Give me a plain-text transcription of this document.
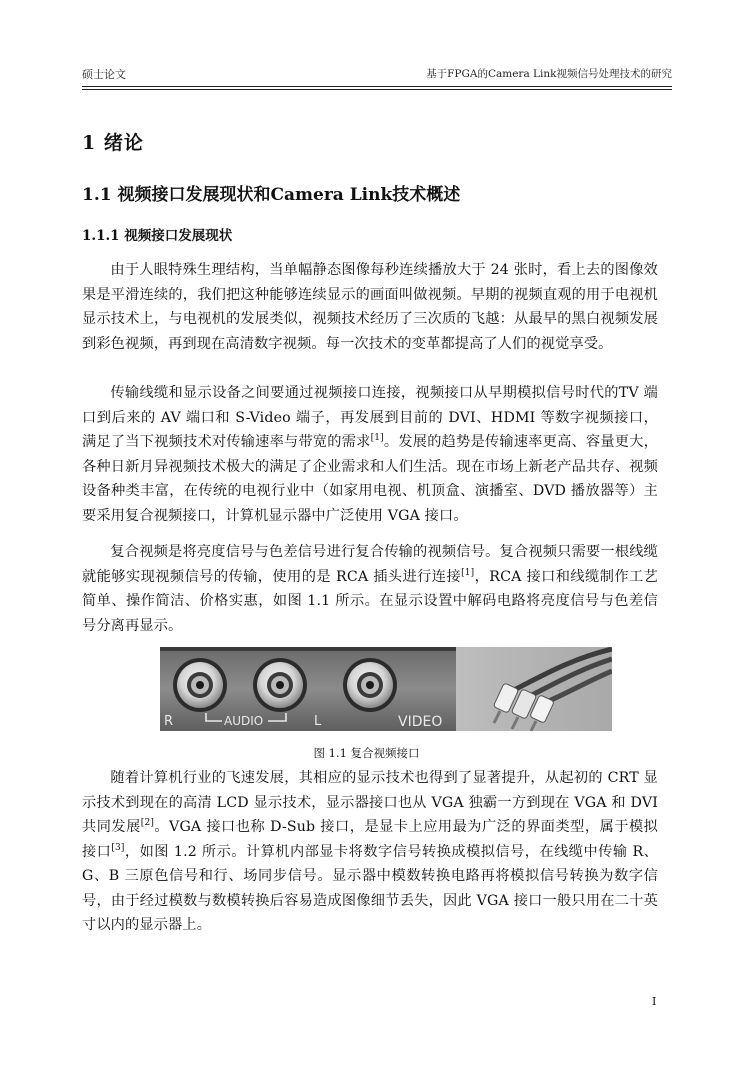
硕士论文	基于FPGA的Camera Link视频信号处理技术的研究
1 绪论
1.1 视频接口发展现状和Camera Link技术概述
1.1.1 视频接口发展现状

由于人眼特殊生理结构，当单幅静态图像每秒连续播放大于 24 张时，看上去的图像效果是平滑连续的，我们把这种能够连续显示的画面叫做视频。早期的视频直观的用于电视机显示技术上，与电视机的发展类似，视频技术经历了三次质的飞越：从最早的黑白视频发展到彩色视频，再到现在高清数字视频。每一次技术的变革都提高了人们的视觉享受。

传输线缆和显示设备之间要通过视频接口连接，视频接口从早期模拟信号时代的TV 端口到后来的 AV 端口和 S-Video 端子，再发展到目前的 DVI、HDMI 等数字视频接口，满足了当下视频技术对传输速率与带宽的需求[1]。发展的趋势是传输速率更高、容量更大，各种日新月异视频技术极大的满足了企业需求和人们生活。现在市场上新老产品共存、视频设备种类丰富，在传统的电视行业中（如家用电视、机顶盒、演播室、DVD 播放器等）主要采用复合视频接口，计算机显示器中广泛使用 VGA 接口。

复合视频是将亮度信号与色差信号进行复合传输的视频信号。复合视频只需要一根线缆就能够实现视频信号的传输，使用的是 RCA 插头进行连接[1]，RCA 接口和线缆制作工艺简单、操作简洁、价格实惠，如图 1.1 所示。在显示设置中解码电路将亮度信号与色差信号分离再显示。

R	AUDIO	L	VIDEO
图 1.1 复合视频接口

随着计算机行业的飞速发展，其相应的显示技术也得到了显著提升，从起初的 CRT 显示技术到现在的高清 LCD 显示技术，显示器接口也从 VGA 独霸一方到现在 VGA 和 DVI 共同发展[2]。VGA 接口也称 D-Sub 接口，是显卡上应用最为广泛的界面类型，属于模拟接口[3]，如图 1.2 所示。计算机内部显卡将数字信号转换成模拟信号，在线缆中传输 R、G、B 三原色信号和行、场同步信号。显示器中模数转换电路再将模拟信号转换为数字信号，由于经过模数与数模转换后容易造成图像细节丢失，因此 VGA 接口一般只用在二十英寸以内的显示器上。

I
